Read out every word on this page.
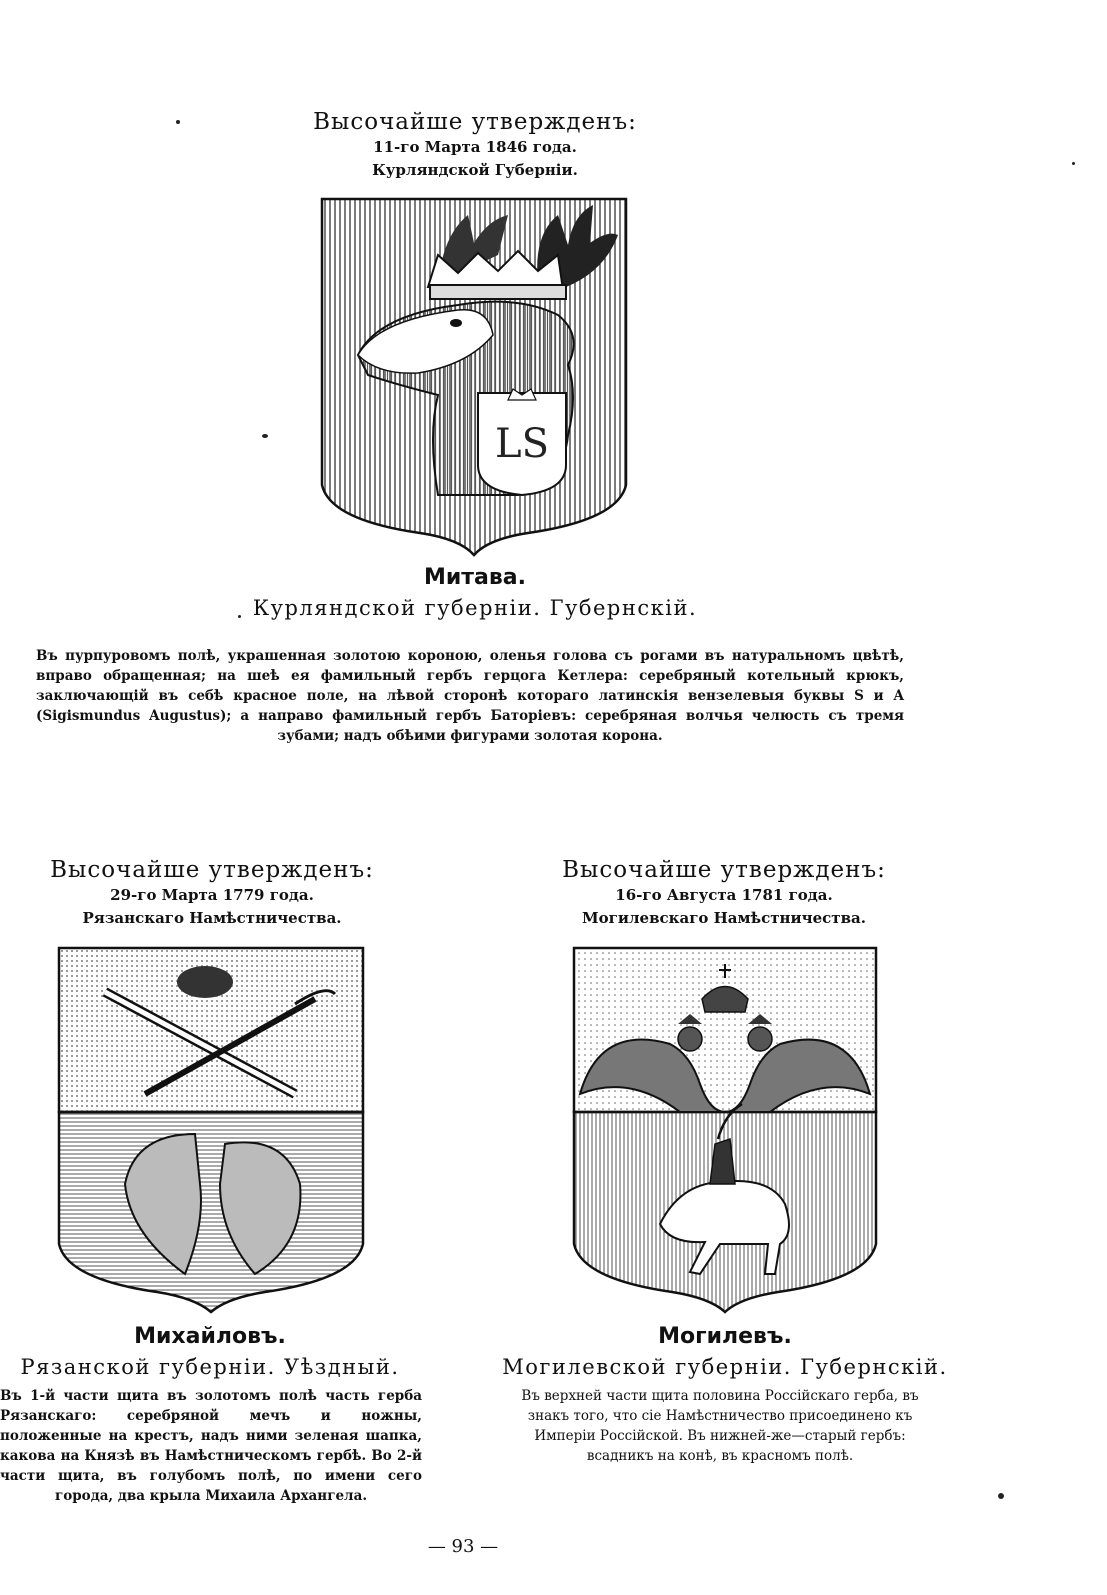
Высочайше утвержденъ:
11-го Марта 1846 года.
Курляндской Губерніи.
LS
Митава.
Курляндской губерніи. Губернскій.
Въ пурпуровомъ полѣ, украшенная золотою короною, оленья голова съ рогами въ натуральномъ цвѣтѣ, вправо обращенная; на шеѣ ея фамильный гербъ герцога Кетлера: серебряный котельный крюкъ, заключающій въ себѣ красное поле, на лѣвой сторонѣ котораго латинскія вензелевыя буквы S и A (Sigismundus Augustus); а направо фамильный гербъ Баторіевъ: серебряная волчья челюсть съ тремя зубами; надъ обѣими фигурами золотая корона.
Высочайше утвержденъ:
29-го Марта 1779 года.
Рязанскаго Намѣстничества.
Михайловъ.
Рязанской губерніи. Уѣздный.
Въ 1-й части щита въ золотомъ полѣ часть герба Рязанскаго: серебряной мечъ и ножны, положенные на крестъ, надъ ними зеленая шапка, какова на Князѣ въ Намѣстническомъ гербѣ. Во 2-й части щита, въ голубомъ полѣ, по имени сего города, два крыла Михаила Архангела.
Высочайше утвержденъ:
16-го Августа 1781 года.
Могилевскаго Намѣстничества.
Могилевъ.
Могилевской губерніи. Губернскій.
Въ верхней части щита половина Россійскаго герба, въ знакъ того, что сіе Намѣстничество присоединено къ Имперіи Россійской. Въ нижней-же—старый гербъ: всадникъ на конѣ, въ красномъ полѣ.
— 93 —
